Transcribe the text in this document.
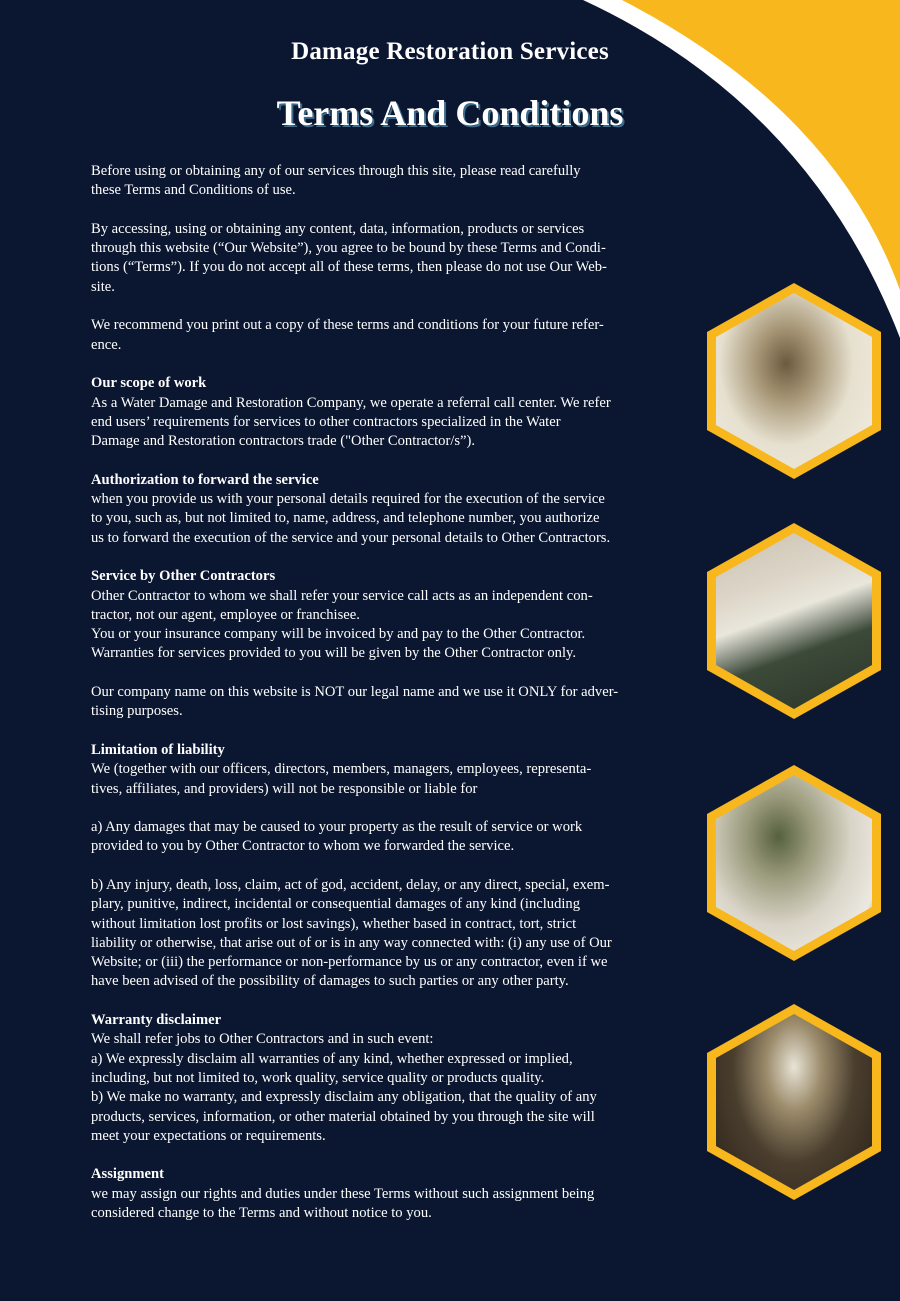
Damage Restoration Services
Terms And Conditions
Before using or obtaining any of our services through this site, please read carefully
these Terms and Conditions of use.
By accessing, using or obtaining any content, data, information, products or services
through this website (“Our Website”), you agree to be bound by these Terms and Condi-
tions (“Terms”). If you do not accept all of these terms, then please do not use Our Web-
site.
We recommend you print out a copy of these terms and conditions for your future refer-
ence.
Our scope of work
As a Water Damage and Restoration Company, we operate a referral call center. We refer
end users’ requirements for services to other contractors specialized in the Water
Damage and Restoration contractors trade ("Other Contractor/s”).
Authorization to forward the service
when you provide us with your personal details required for the execution of the service
to you, such as, but not limited to, name, address, and telephone number, you authorize
us to forward the execution of the service and your personal details to Other Contractors.
Service by Other Contractors
Other Contractor to whom we shall refer your service call acts as an independent con-
tractor, not our agent, employee or franchisee.
You or your insurance company will be invoiced by and pay to the Other Contractor.
Warranties for services provided to you will be given by the Other Contractor only.
Our company name on this website is NOT our legal name and we use it ONLY for adver-
tising purposes.
Limitation of liability
We (together with our officers, directors, members, managers, employees, representa-
tives, affiliates, and providers) will not be responsible or liable for
a) Any damages that may be caused to your property as the result of service or work
provided to you by Other Contractor to whom we forwarded the service.
b) Any injury, death, loss, claim, act of god, accident, delay, or any direct, special, exem-
plary, punitive, indirect, incidental or consequential damages of any kind (including
without limitation lost profits or lost savings), whether based in contract, tort, strict
liability or otherwise, that arise out of or is in any way connected with: (i) any use of Our
Website; or (iii) the performance or non-performance by us or any contractor, even if we
have been advised of the possibility of damages to such parties or any other party.
Warranty disclaimer
We shall refer jobs to Other Contractors and in such event:
a) We expressly disclaim all warranties of any kind, whether expressed or implied,
including, but not limited to, work quality, service quality or products quality.
b) We make no warranty, and expressly disclaim any obligation, that the quality of any
products, services, information, or other material obtained by you through the site will
meet your expectations or requirements.
Assignment
we may assign our rights and duties under these Terms without such assignment being
considered change to the Terms and without notice to you.
